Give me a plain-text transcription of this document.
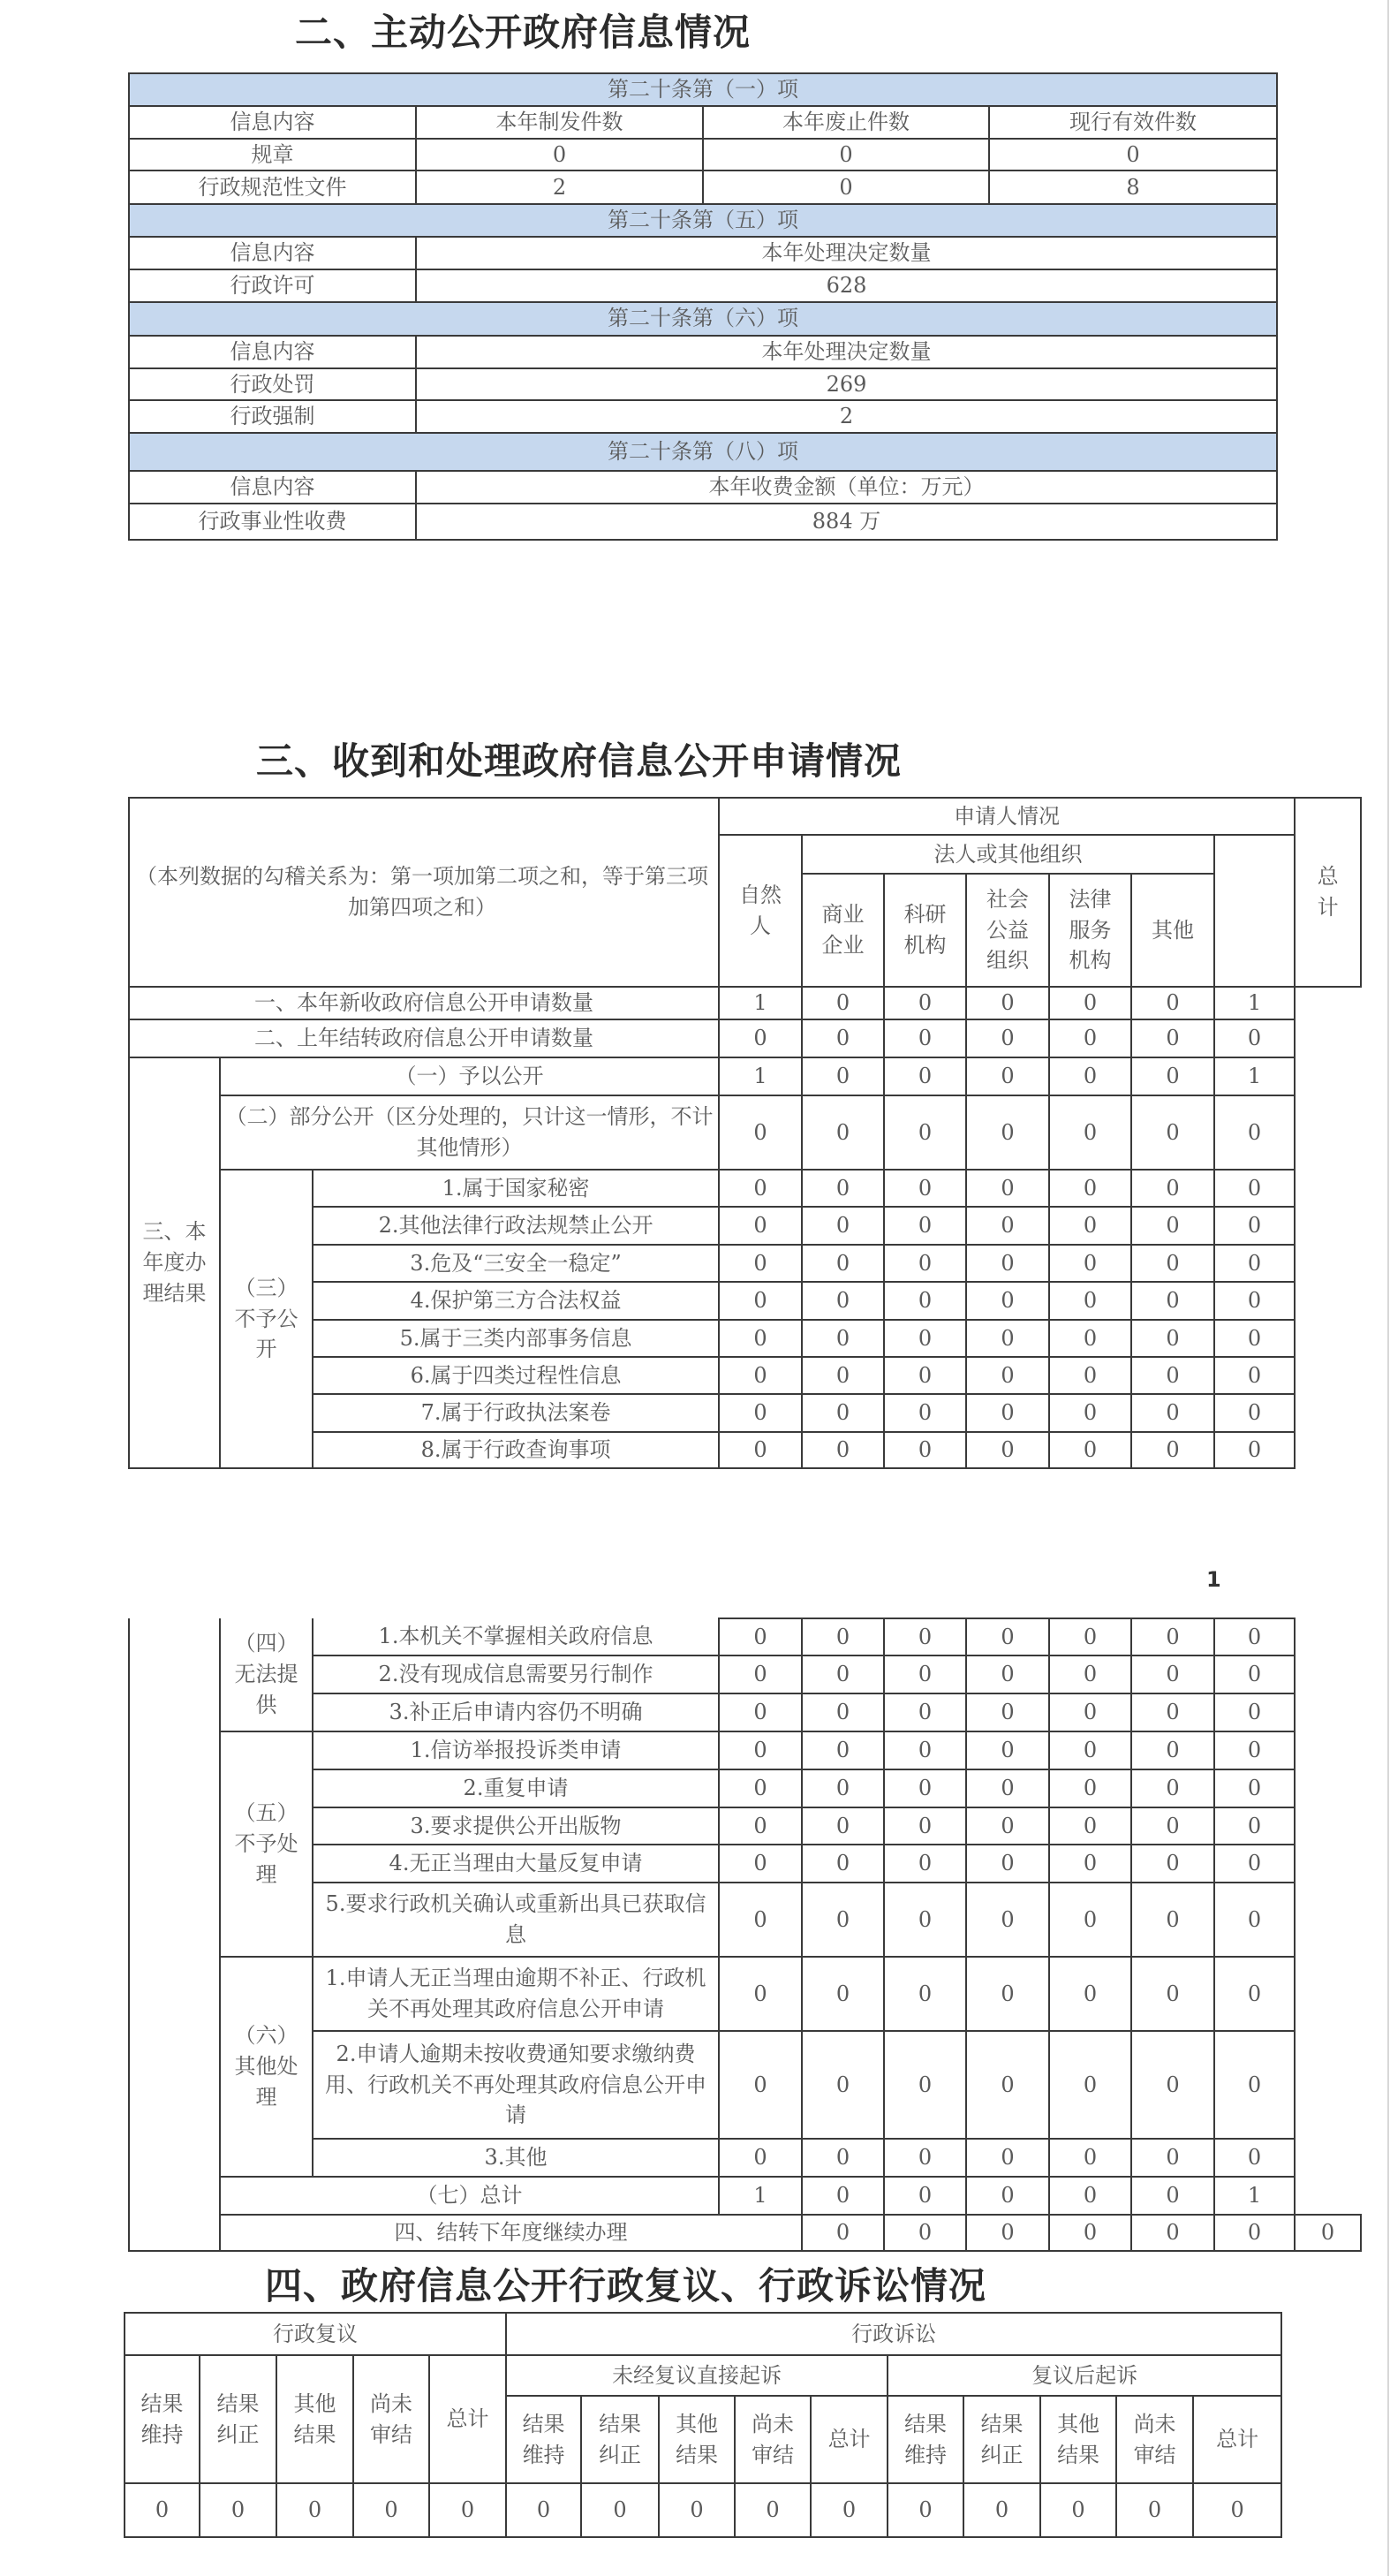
二、主动公开政府信息情况
第二十条第（一）项			
信息内容	本年制发件数	本年废止件数	现行有效件数
规章	0	0	0
行政规范性文件	2	0	8
第二十条第（五）项			
信息内容	本年处理决定数量		
行政许可	628		
第二十条第（六）项			
信息内容	本年处理决定数量		
行政处罚	269		
行政强制	2		
第二十条第（八）项			
信息内容	本年收费金额（单位：万元）		
行政事业性收费	884 万		
三、收到和处理政府信息公开申请情况
（本列数据的勾稽关系为：第一项加第二项之和，等于第三项加第四项之和）			申请人情况							总计
			自然人	法人或其他组织						
				商业企业	科研机构	社会公益组织	法律服务机构	其他		
一、本年新收政府信息公开申请数量			1	0	0	0	0	0	1	
二、上年结转政府信息公开申请数量			0	0	0	0	0	0	0	
三、本年度办理结果	（一）予以公开		1	0	0	0	0	0	1	
	（二）部分公开（区分处理的，只计这一情形，不计其他情形）		0	0	0	0	0	0	0	
	（三）不予公开	1.属于国家秘密	0	0	0	0	0	0	0	
		2.其他法律行政法规禁止公开	0	0	0	0	0	0	0	
		3.危及“三安全一稳定”	0	0	0	0	0	0	0	
		4.保护第三方合法权益	0	0	0	0	0	0	0	
		5.属于三类内部事务信息	0	0	0	0	0	0	0	
		6.属于四类过程性信息	0	0	0	0	0	0	0	
		7.属于行政执法案卷	0	0	0	0	0	0	0	
		8.属于行政查询事项	0	0	0	0	0	0	0	
1
	（四）无法提供	1.本机关不掌握相关政府信息	0	0	0	0	0	0	0	
		2.没有现成信息需要另行制作	0	0	0	0	0	0	0	
		3.补正后申请内容仍不明确	0	0	0	0	0	0	0	
	（五）不予处理	1.信访举报投诉类申请	0	0	0	0	0	0	0	
		2.重复申请	0	0	0	0	0	0	0	
		3.要求提供公开出版物	0	0	0	0	0	0	0	
		4.无正当理由大量反复申请	0	0	0	0	0	0	0	
		5.要求行政机关确认或重新出具已获取信息	0	0	0	0	0	0	0	
	（六）其他处理	1.申请人无正当理由逾期不补正、行政机关不再处理其政府信息公开申请	0	0	0	0	0	0	0	
		2.申请人逾期未按收费通知要求缴纳费用、行政机关不再处理其政府信息公开申请	0	0	0	0	0	0	0	
		3.其他	0	0	0	0	0	0	0	
	（七）总计		1	0	0	0	0	0	1	
	四、结转下年度继续办理			0	0	0	0	0	0	0
四、政府信息公开行政复议、行政诉讼情况
行政复议					行政诉讼									
结果维持	结果纠正	其他结果	尚未审结	总计	未经复议直接起诉					复议后起诉				
					结果维持	结果纠正	其他结果	尚未审结	总计	结果维持	结果纠正	其他结果	尚未审结	总计
0	0	0	0	0	0	0	0	0	0	0	0	0	0	0
